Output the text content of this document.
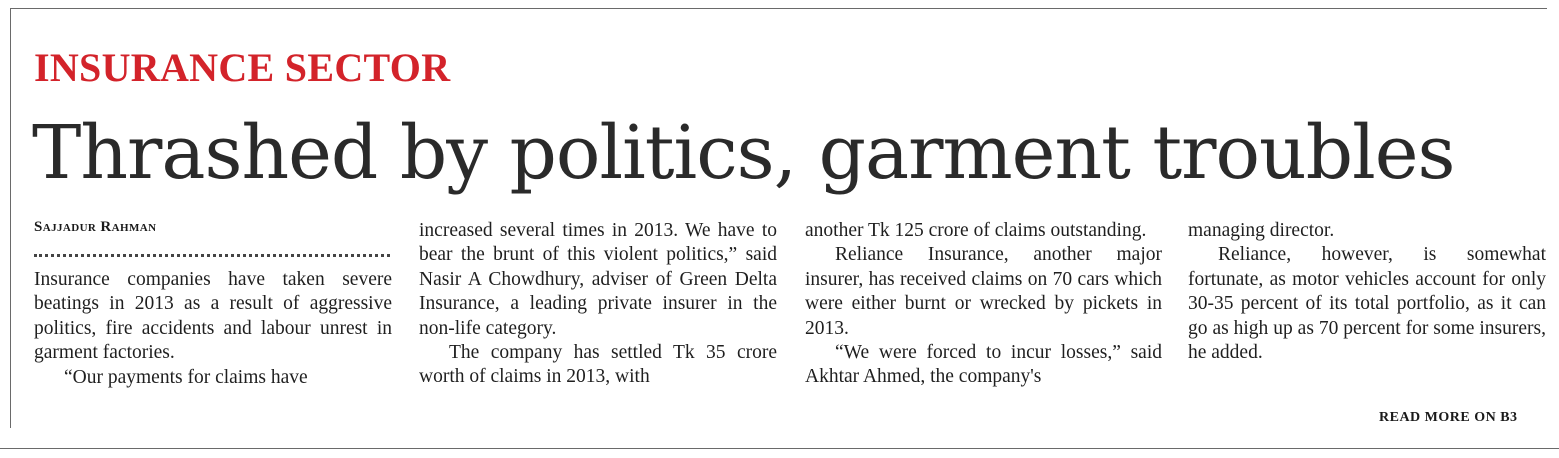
INSURANCE SECTOR
Thrashed by politics, garment troubles
Sajjadur Rahman

Insurance companies have taken severe beatings in 2013 as a result of aggressive politics, fire accidents and labour unrest in garment factories.

“Our payments for claims have

increased several times in 2013. We have to bear the brunt of this violent politics,” said Nasir A Chowdhury, adviser of Green Delta Insurance, a leading private insurer in the non-life category.

The company has settled Tk 35 crore worth of claims in 2013, with

another Tk 125 crore of claims outstanding.

Reliance Insurance, another major insurer, has received claims on 70 cars which were either burnt or wrecked by pickets in 2013.

“We were forced to incur losses,” said Akhtar Ahmed, the company's

managing director.

Reliance, however, is somewhat fortunate, as motor vehicles account for only 30-35 percent of its total portfolio, as it can go as high up as 70 percent for some insurers, he added.

READ MORE ON B3
